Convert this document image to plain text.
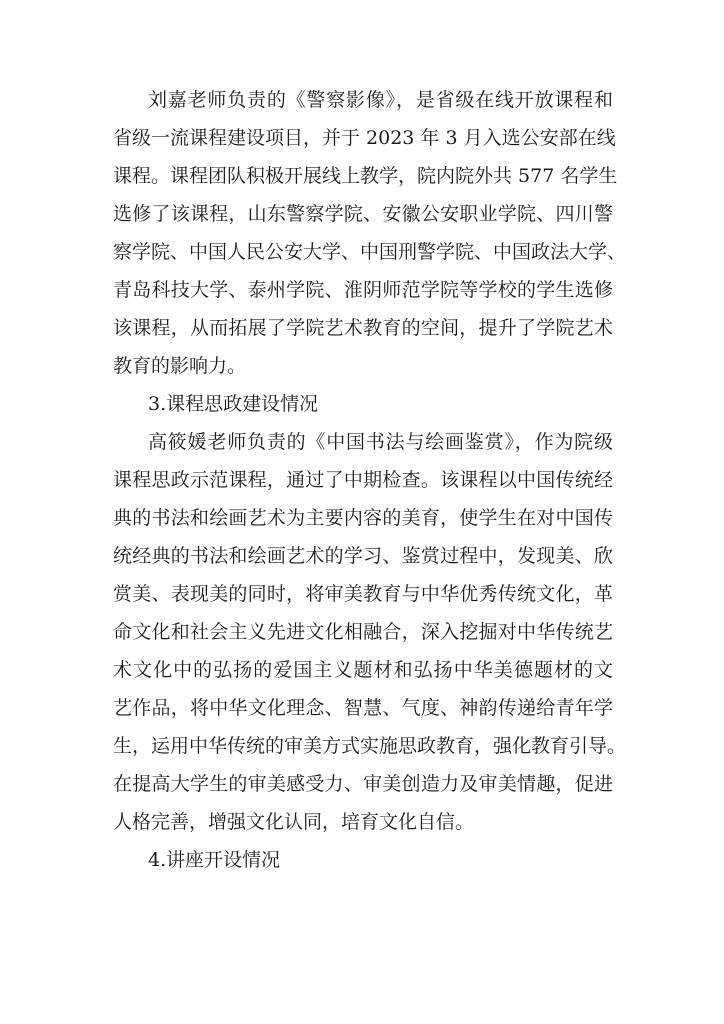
刘嘉老师负责的《警察影像》，是省级在线开放课程和
省级一流课程建设项目，并于 2023 年 3 月入选公安部在线
课程。课程团队积极开展线上教学，院内院外共 577 名学生
选修了该课程，山东警察学院、安徽公安职业学院、四川警
察学院、中国人民公安大学、中国刑警学院、中国政法大学、
青岛科技大学、泰州学院、淮阴师范学院等学校的学生选修
该课程，从而拓展了学院艺术教育的空间，提升了学院艺术
教育的影响力。
3.课程思政建设情况
高筱媛老师负责的《中国书法与绘画鉴赏》，作为院级
课程思政示范课程，通过了中期检查。该课程以中国传统经
典的书法和绘画艺术为主要内容的美育，使学生在对中国传
统经典的书法和绘画艺术的学习、鉴赏过程中，发现美、欣
赏美、表现美的同时，将审美教育与中华优秀传统文化，革
命文化和社会主义先进文化相融合，深入挖掘对中华传统艺
术文化中的弘扬的爱国主义题材和弘扬中华美德题材的文
艺作品，将中华文化理念、智慧、气度、神韵传递给青年学
生，运用中华传统的审美方式实施思政教育，强化教育引导。
在提高大学生的审美感受力、审美创造力及审美情趣，促进
人格完善，增强文化认同，培育文化自信。
4.讲座开设情况
